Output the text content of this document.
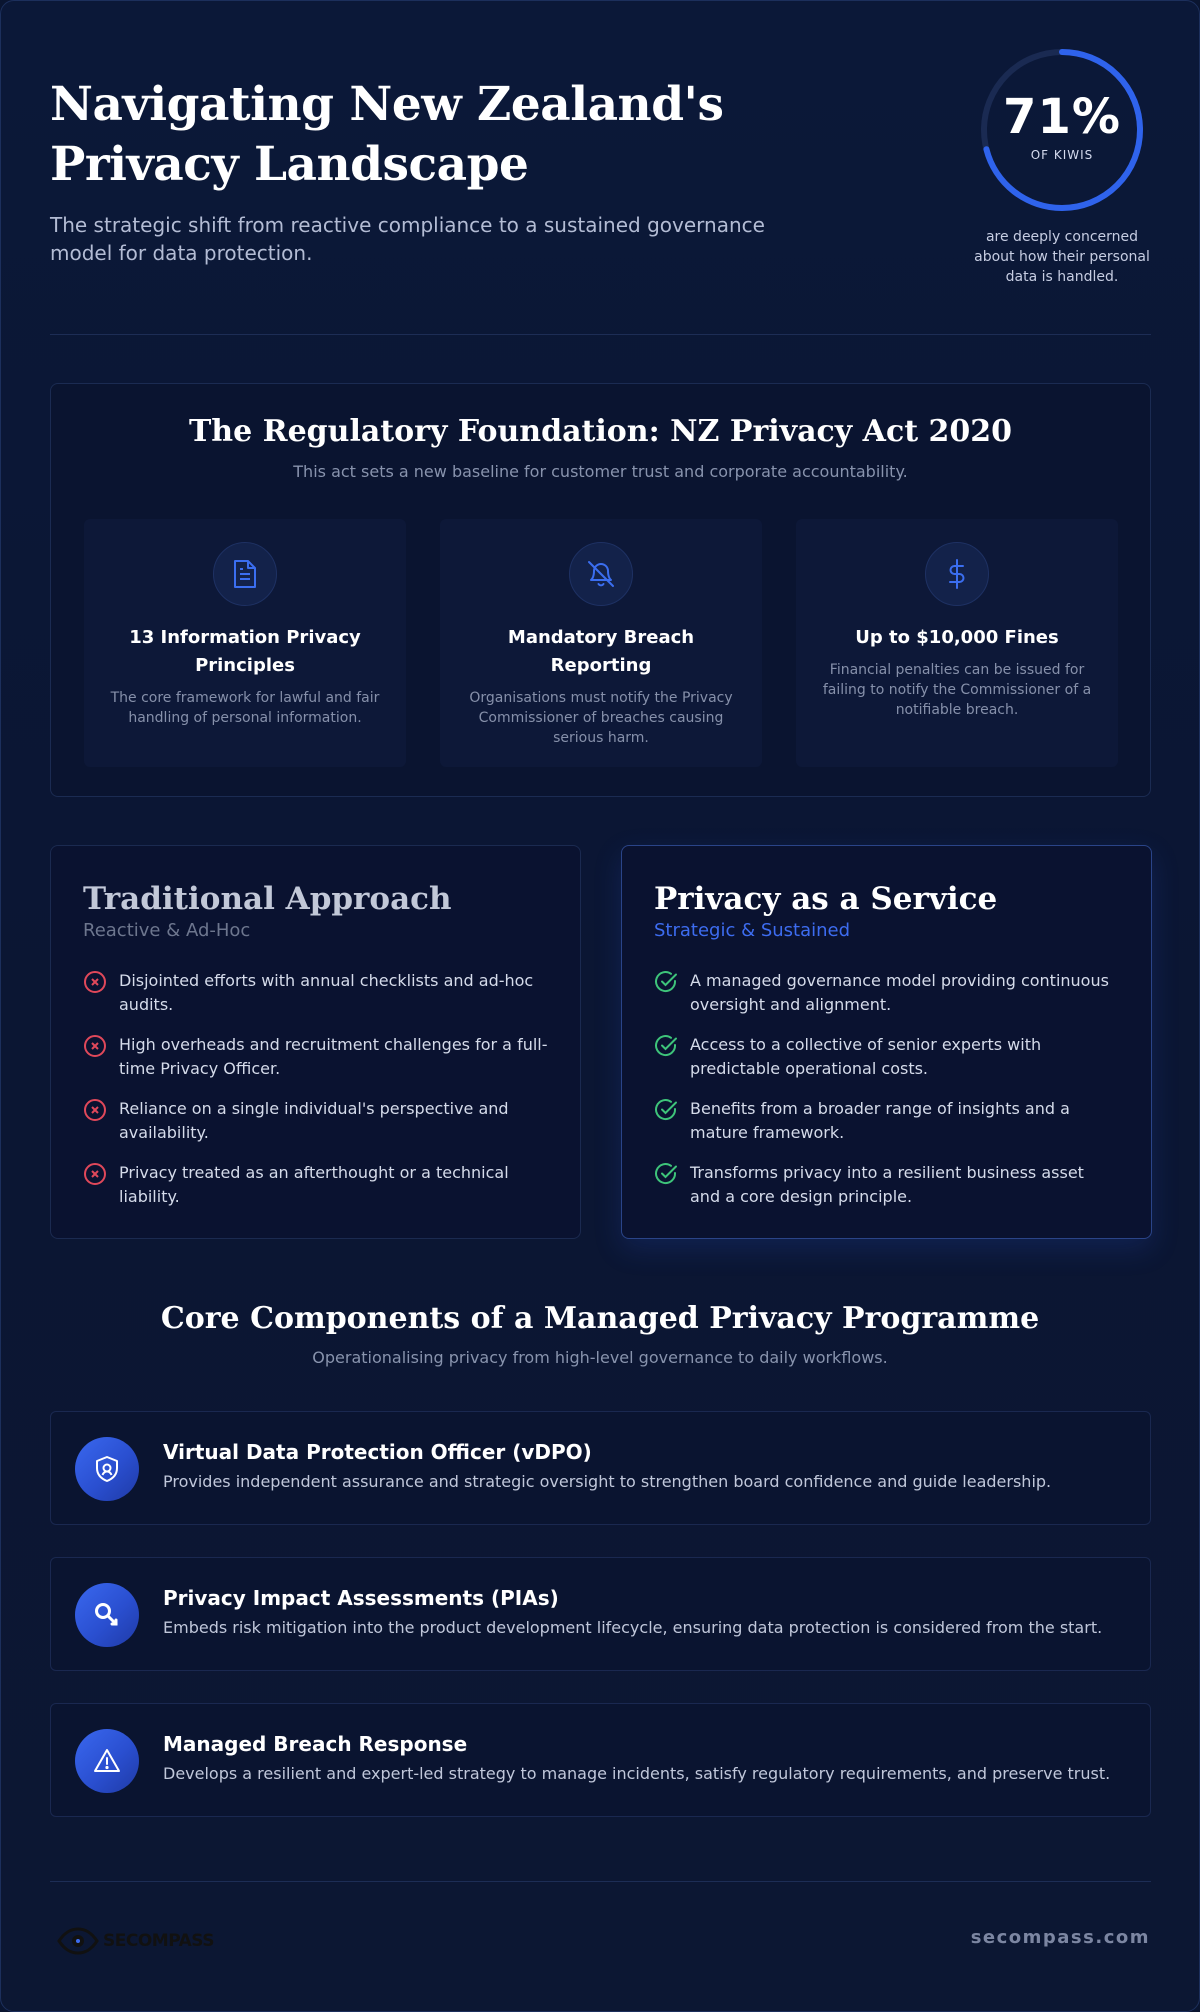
Navigating New Zealand's Privacy Landscape

The strategic shift from reactive compliance to a sustained governance model for data protection.

71%
OF KIWIS
are deeply concerned about how their personal data is handled.
The Regulatory Foundation: NZ Privacy Act 2020
This act sets a new baseline for customer trust and corporate accountability.
13 Information Privacy Principles

The core framework for lawful and fair handling of personal information.

Mandatory Breach Reporting

Organisations must notify the Privacy Commissioner of breaches causing serious harm.

Up to $10,000 Fines

Financial penalties can be issued for failing to notify the Commissioner of a notifiable breach.

Traditional Approach
Reactive & Ad-Hoc
Disjointed efforts with annual checklists and ad-hoc audits.
High overheads and recruitment challenges for a full-time Privacy Officer.
Reliance on a single individual's perspective and availability.
Privacy treated as an afterthought or a technical liability.
Privacy as a Service
Strategic & Sustained
A managed governance model providing continuous oversight and alignment.
Access to a collective of senior experts with predictable operational costs.
Benefits from a broader range of insights and a mature framework.
Transforms privacy into a resilient business asset and a core design principle.
Core Components of a Managed Privacy Programme
Operationalising privacy from high-level governance to daily workflows.
Virtual Data Protection Officer (vDPO)

Provides independent assurance and strategic oversight to strengthen board confidence and guide leadership.

Privacy Impact Assessments (PIAs)

Embeds risk mitigation into the product development lifecycle, ensuring data protection is considered from the start.

Managed Breach Response

Develops a resilient and expert-led strategy to manage incidents, satisfy regulatory requirements, and preserve trust.

SECOMPASS	secompass.com
